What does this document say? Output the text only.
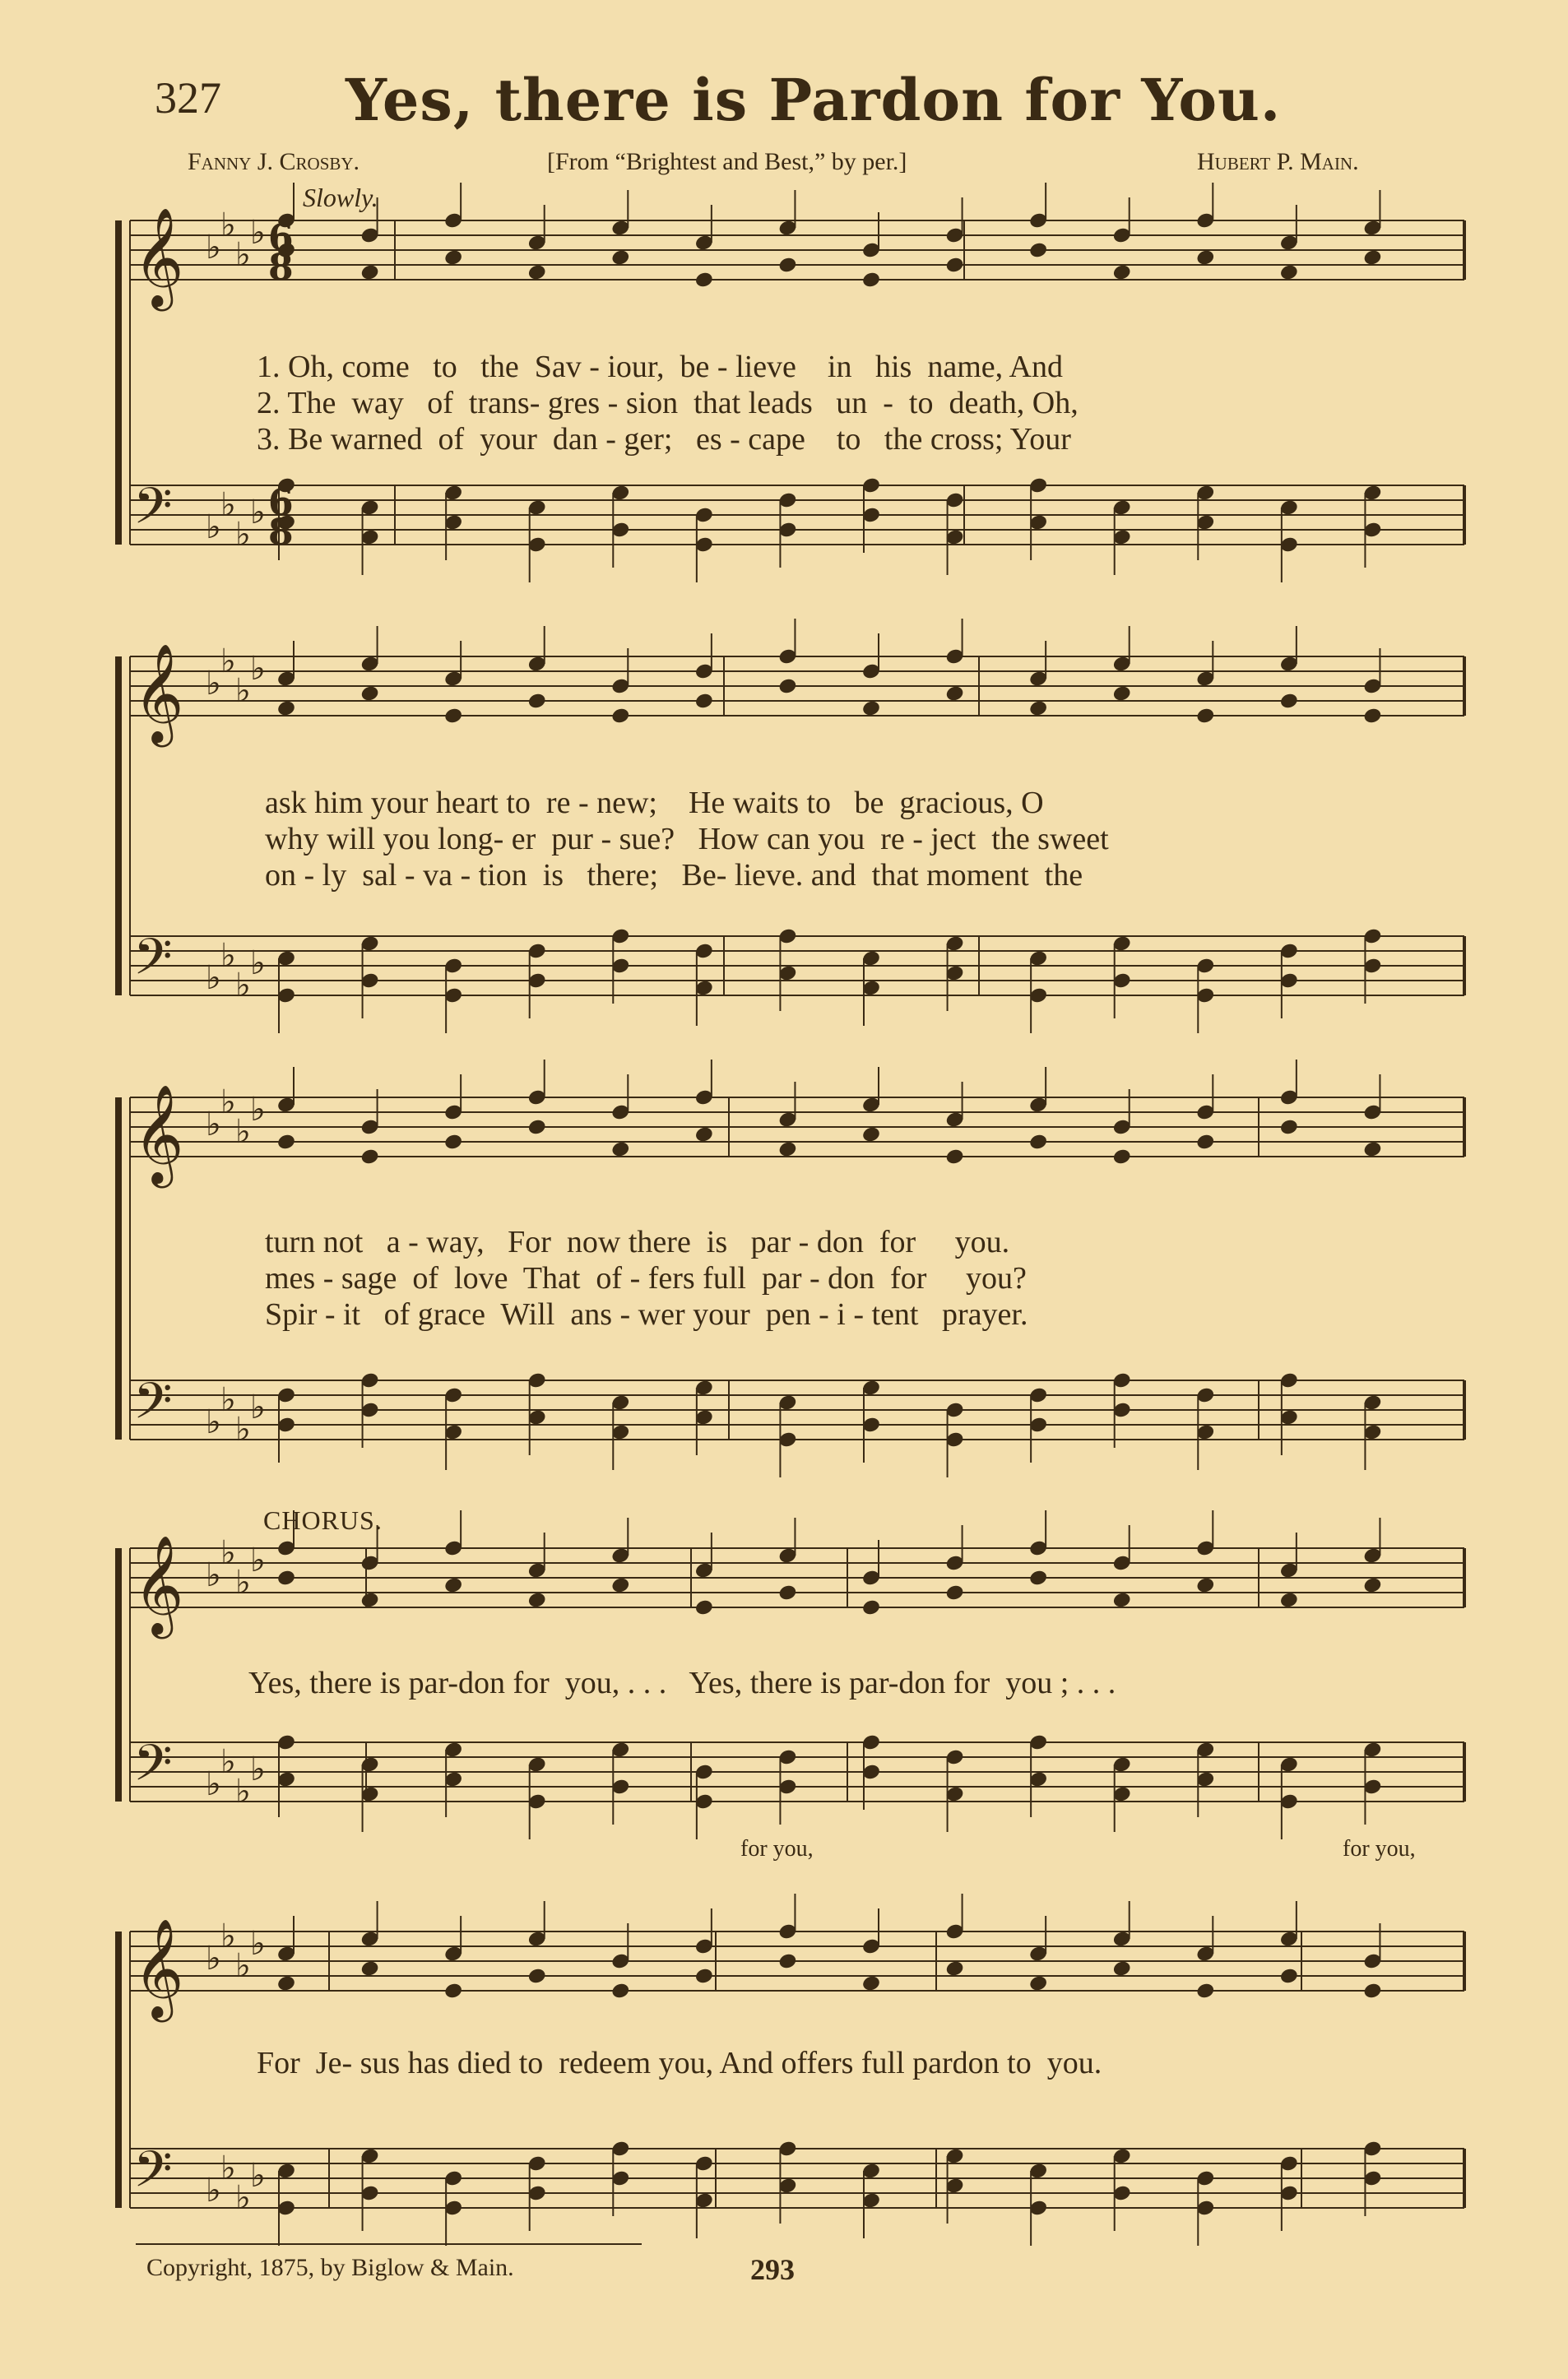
327 Yes, there is Pardon for You.
Fanny J. Crosby.	[From “Brightest and Best,” by per.]	Hubert P. Main.
Slowly.
𝄞 ♭
♭
♭
♭
𝄢 ♭
♭
♭
♭
𝄞 ♭
♭
♭
♭
𝄢 ♭
♭
♭
♭
𝄞 ♭
♭
♭
♭
𝄢 ♭
♭
♭
♭
𝄞 ♭
♭
♭
♭
𝄢 ♭
♭
♭
♭
𝄞 ♭
♭
♭
♭
𝄢 ♭
♭
♭
♭
6
8
6
8
1. Oh, come   to   the  Sav - iour,  be - lieve    in   his  name, And
2. The  way   of  trans- gres - sion  that leads   un  -  to  death, Oh,
3. Be warned  of  your  dan - ger;   es - cape    to   the cross; Your
ask him your heart to  re - new;    He waits to   be  gracious, O
why will you long- er  pur - sue?   How can you  re - ject  the sweet
on - ly  sal - va - tion  is   there;   Be- lieve. and  that moment  the
turn not   a - way,   For  now there  is   par - don  for     you.
mes - sage  of  love  That  of - fers full  par - don  for     you?
Spir - it   of grace  Will  ans - wer your  pen - i - tent   prayer.
CHORUS.
Yes, there is par-don for  you, . . .   Yes, there is par-don for  you ; . . .
for you,	for you,
For  Je- sus has died to  redeem you, And offers full pardon to  you.
Copyright, 1875, by Biglow & Main.	293
